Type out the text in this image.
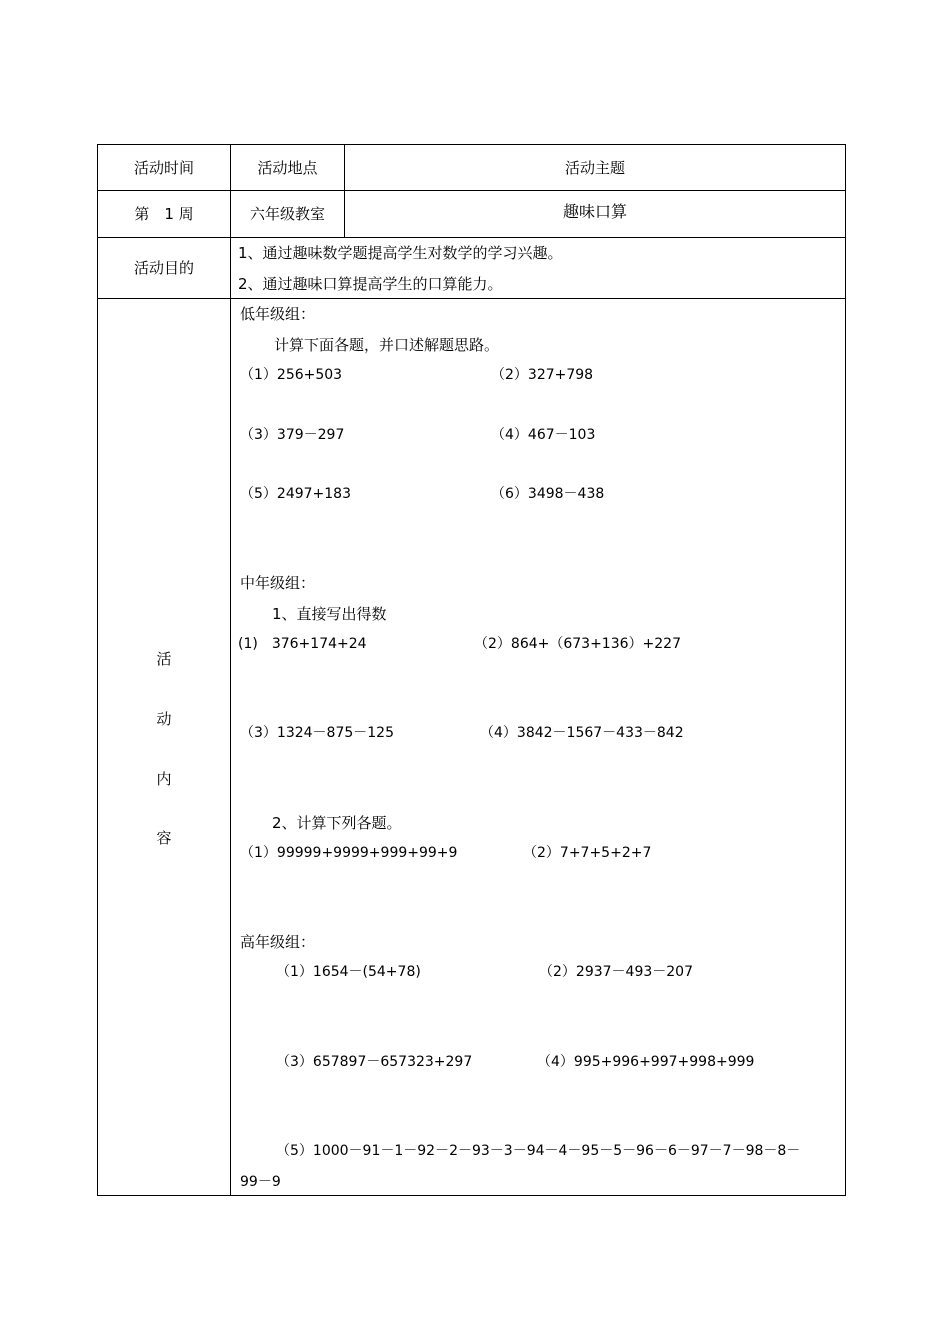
活动时间	活动地点	活动主题
第　1 周	六年级教室	趣味口算
活动目的
1、通过趣味数学题提高学生对数学的学习兴趣。
2、通过趣味口算提高学生的口算能力。
活
动
内
容
低年级组：
计算下面各题，并口述解题思路。
（1）256+503	（2）327+798
（3）379－297	（4）467－103
（5）2497+183	（6）3498－438
中年级组：
1、直接写出得数
(1)　376+174+24	（2）864+（673+136）+227
（3）1324－875－125	（4）3842－1567－433－842
2、计算下列各题。
（1）99999+9999+999+99+9	（2）7+7+5+2+7
高年级组：
（1）1654－(54+78)	（2）2937－493－207
（3）657897－657323+297	（4）995+996+997+998+999
（5）1000－91－1－92－2－93－3－94－4－95－5－96－6－97－7－98－8－
99－9
